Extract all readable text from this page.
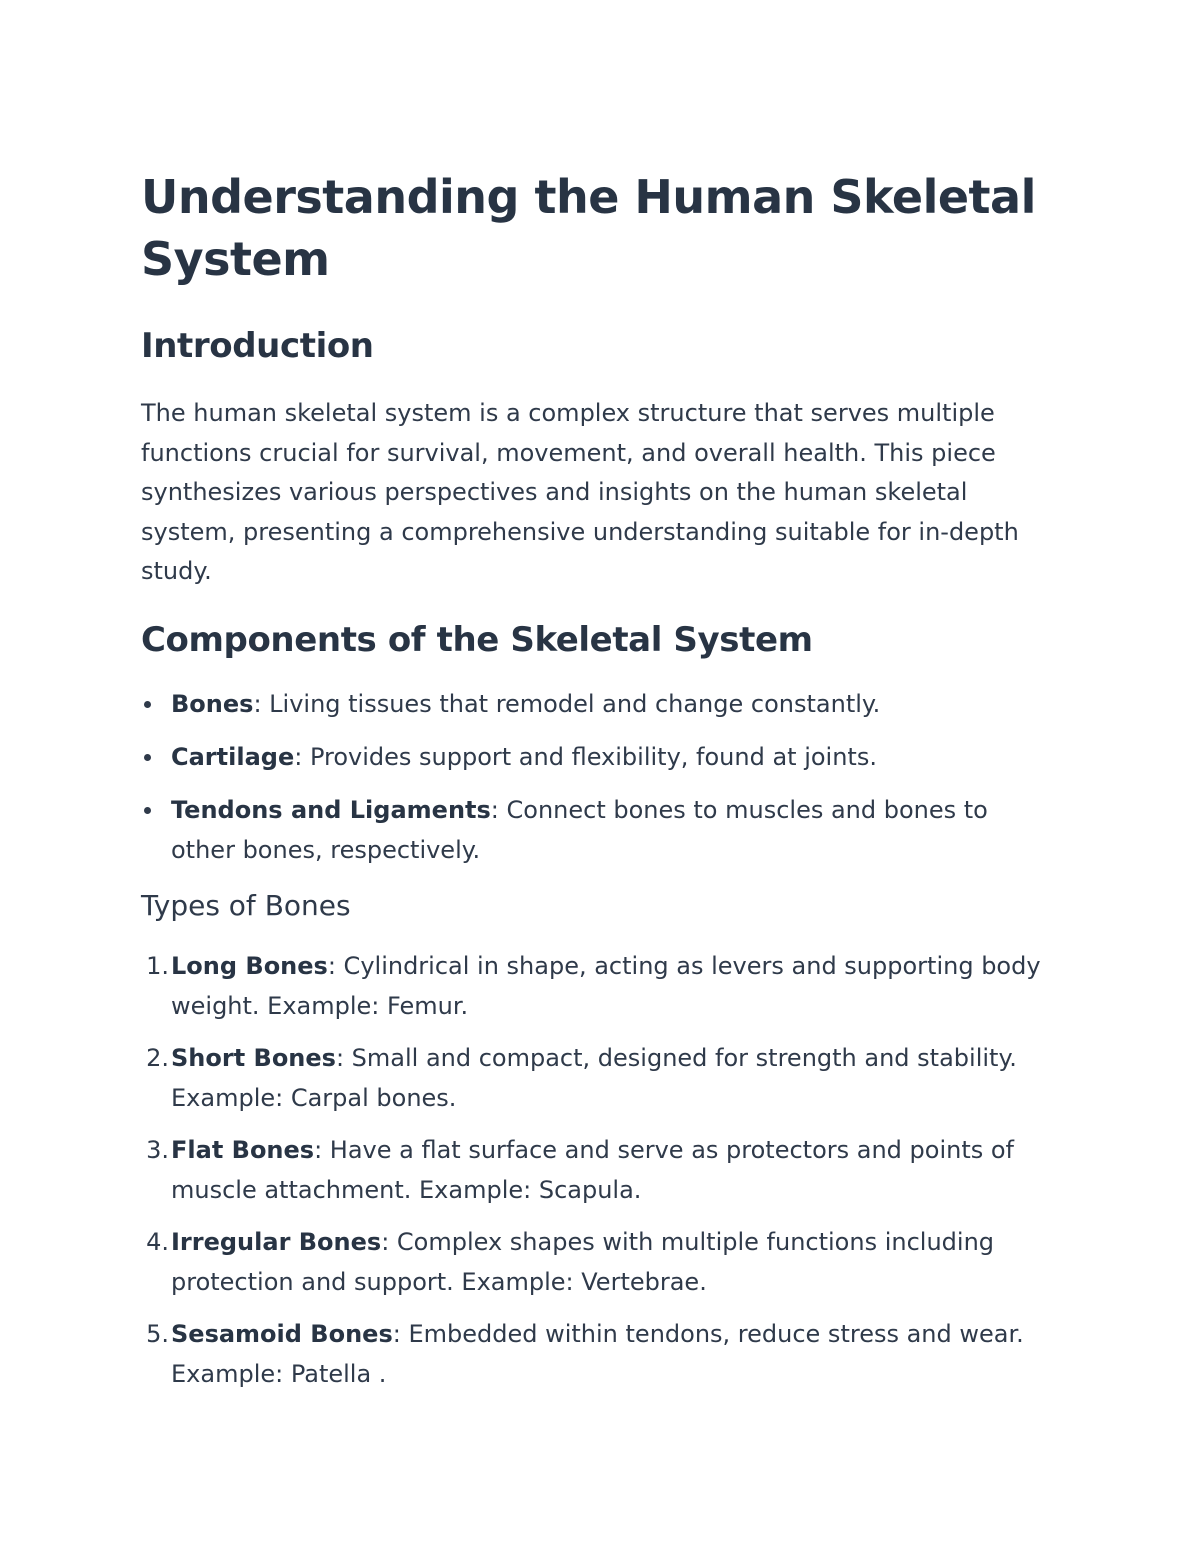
Understanding the Human Skeletal System
Introduction

The human skeletal system is a complex structure that serves multiple functions crucial for survival, movement, and overall health. This piece synthesizes various perspectives and insights on the human skeletal system, presenting a comprehensive understanding suitable for in-depth study.

Components of the Skeletal System
Bones: Living tissues that remodel and change constantly.
Cartilage: Provides support and flexibility, found at joints.
Tendons and Ligaments: Connect bones to muscles and bones to other bones, respectively.
Types of Bones
1. Long Bones: Cylindrical in shape, acting as levers and supporting body weight. Example: Femur.
2. Short Bones: Small and compact, designed for strength and stability. Example: Carpal bones.
3. Flat Bones: Have a flat surface and serve as protectors and points of muscle attachment. Example: Scapula.
4. Irregular Bones: Complex shapes with multiple functions including protection and support. Example: Vertebrae.
5. Sesamoid Bones: Embedded within tendons, reduce stress and wear. Example: Patella .
